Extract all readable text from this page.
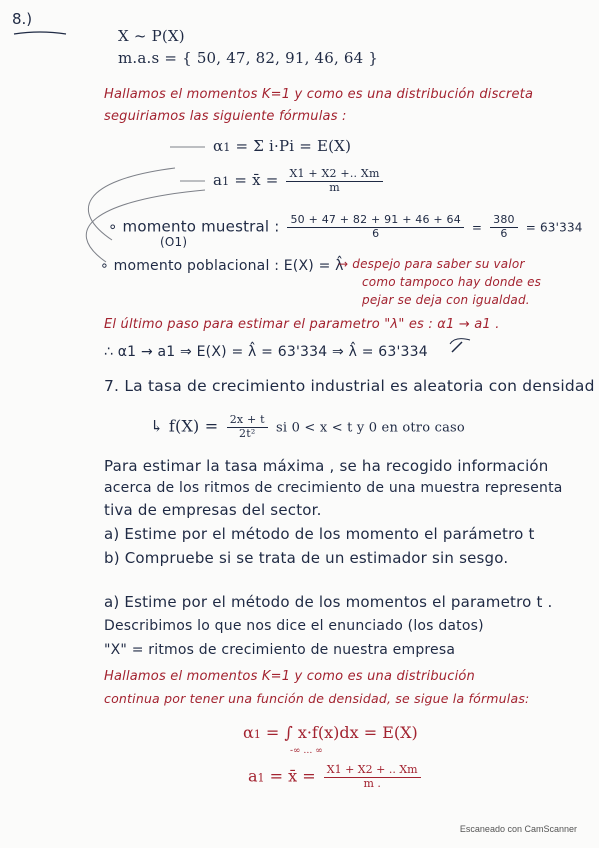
8.)
X ~ P(X)
m.a.s = { 50, 47, 82, 91, 46, 64 }
Hallamos el momentos K=1 y como es una distribución discreta
seguiriamos las siguiente fórmulas :
α1 = Σ i·Pi = E(X)
a1 = x̄ = $\frac{X1 + X2 +.. Xm}{m}$
∘ momento muestral : $\frac{50 + 47 + 82 + 91 + 46 + 64}{6} = \frac{380}{6} = 63'334$
(O1)
∘ momento poblacional : E(X) = λ̂
→ despejo para saber su valor
como tampoco hay donde es
pejar se deja con igualdad.
El último paso para estimar el parametro "λ" es : α1 → a1 .
∴ α1 → a1 ⇒ E(X) = λ̂ = 63'334 ⇒ λ̂ = 63'334
7. La tasa de crecimiento industrial es aleatoria con densidad
↳ $f(X) = \frac{2x + t}{\text{2t²}}$ si 0 < x < t y 0 en otro caso
Para estimar la tasa máxima , se ha recogido información
acerca de los ritmos de crecimiento de una muestra representa
tiva de empresas del sector.
a) Estime por el método de los momento el parámetro t
b) Compruebe si se trata de un estimador sin sesgo.
a) Estime por el método de los momentos el parametro t .
Describimos lo que nos dice el enunciado (los datos)
"X" = ritmos de crecimiento de nuestra empresa
Hallamos el momentos K=1 y como es una distribución
continua por tener una función de densidad, se sigue la fórmulas:
α1 = ∫ x·f(x)dx = E(X)
-∞ … ∞
a1 = x̄ = $\frac{X1 + X2 + .. Xm}{m .}$
Escaneado con CamScanner
